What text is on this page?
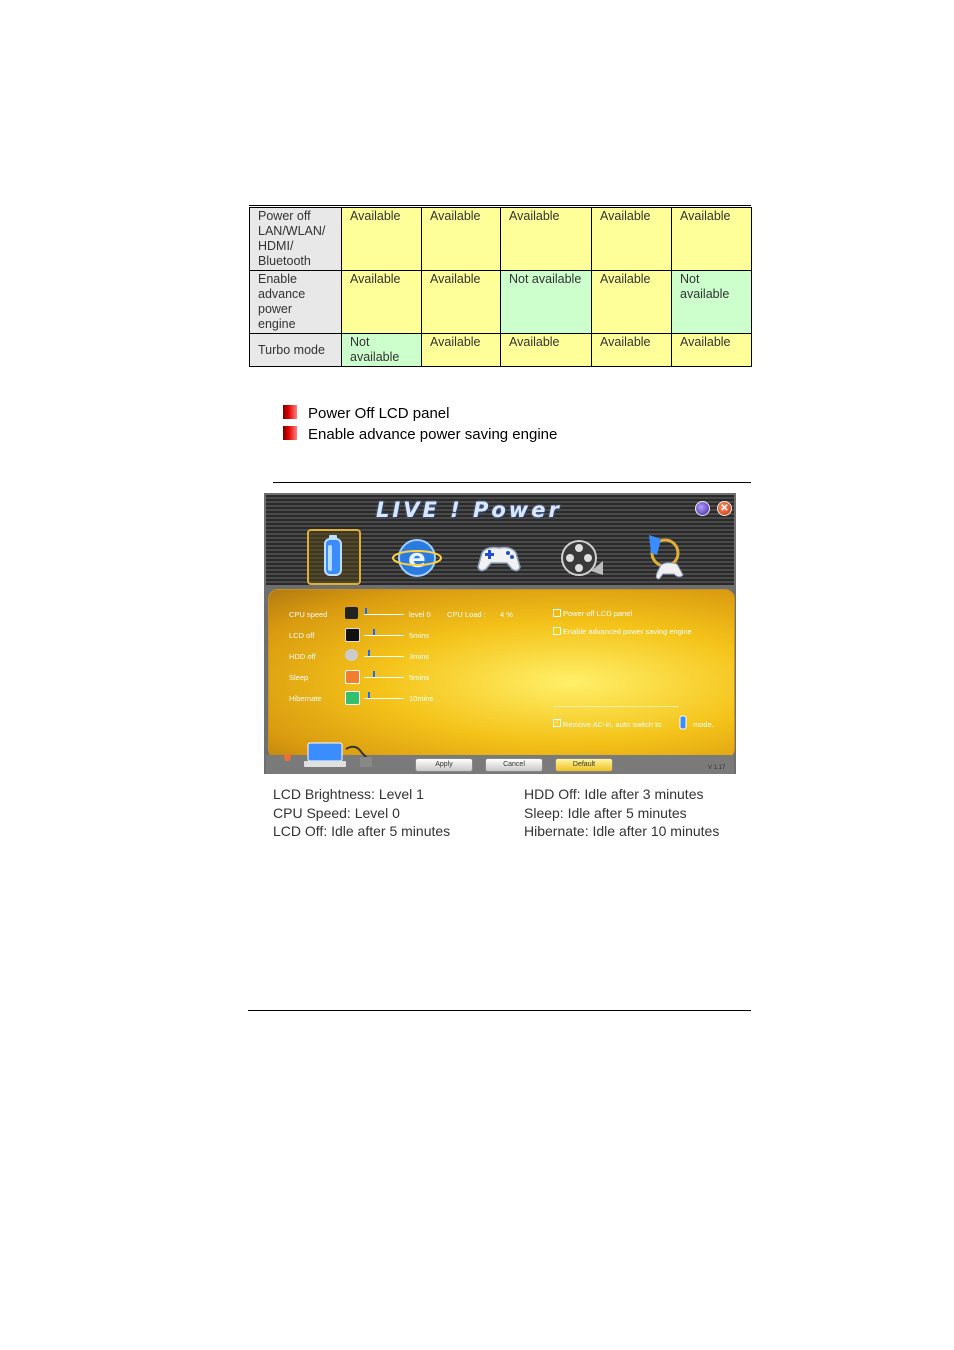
Power off LAN/WLAN/ HDMI/ Bluetooth	Available	Available	Available	Available	Available
Enable advance power engine	Available	Available	Not available	Available	Not available
Turbo mode	Not available	Available	Available	Available	Available
Power Off LCD panel
Enable advance power saving engine
LIVE ! Power	✕
e
CPU speed	level 0 CPU Load : 4 %
LCD off	5mins
HDD off	3mins
Sleep	5mins
Hibernate	10mins
Power off LCD panel
Enable advanced power saving engine
✓ Remove AC-in, auto switch to	mode.
Apply	Cancel	Default	V 1.17
LCD Brightness: Level 1
CPU Speed: Level 0
LCD Off: Idle after 5 minutes
HDD Off: Idle after 3 minutes
Sleep: Idle after 5 minutes
Hibernate: Idle after 10 minutes
